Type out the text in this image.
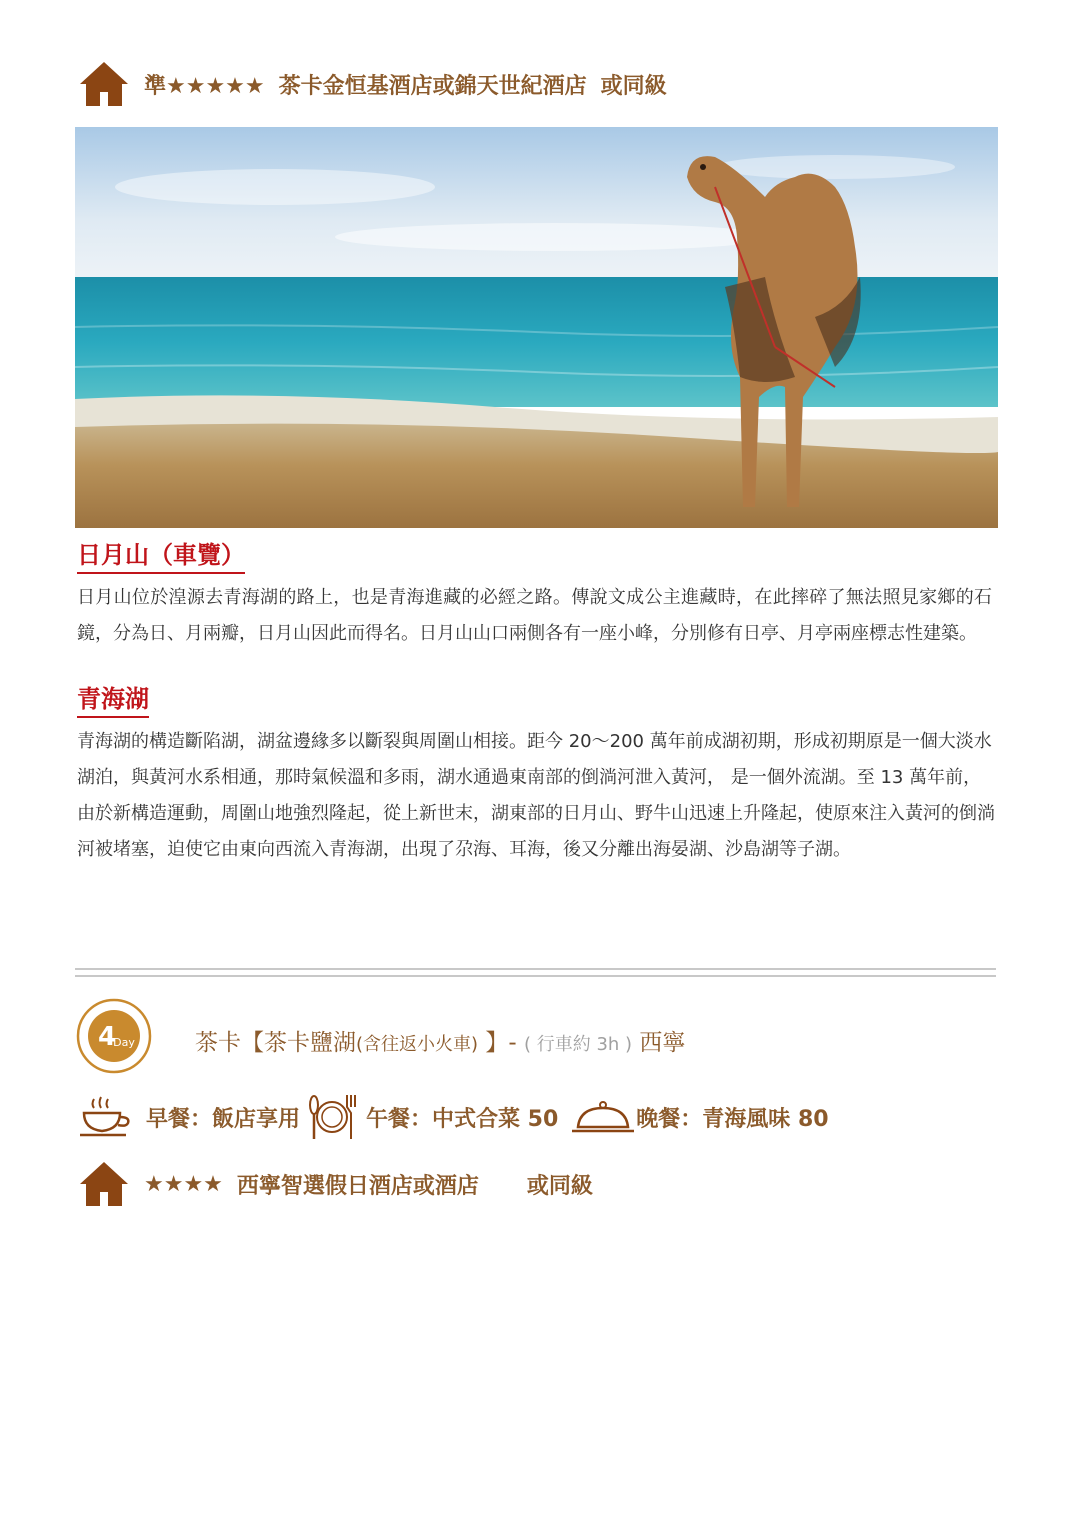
準★★★★★ 茶卡金恒基酒店或錦天世紀酒店 或同級
日月山（車覽）
日月山位於湟源去青海湖的路上，也是青海進藏的必經之路。傳說文成公主進藏時，在此摔碎了無法照見家鄉的石鏡，分為日、月兩瓣，日月山因此而得名。日月山山口兩側各有一座小峰，分別修有日亭、月亭兩座標志性建築。
青海湖
青海湖的構造斷陷湖，湖盆邊緣多以斷裂與周圍山相接。距今 20～200 萬年前成湖初期，形成初期原是一個大淡水湖泊，與黃河水系相通，那時氣候溫和多雨，湖水通過東南部的倒淌河泄入黃河， 是一個外流湖。至 13 萬年前，由於新構造運動，周圍山地強烈隆起，從上新世末，湖東部的日月山、野牛山迅速上升隆起，使原來注入黃河的倒淌河被堵塞，迫使它由東向西流入青海湖，出現了尕海、耳海，後又分離出海晏湖、沙島湖等子湖。
4
Day	茶卡【茶卡鹽湖(含往返小火車) 】- ( 行車約 3h ) 西寧
早餐：飯店享用	午餐：中式合菜 50	晚餐：青海風味 80
★★★★ 西寧智選假日酒店或酒店 或同級
